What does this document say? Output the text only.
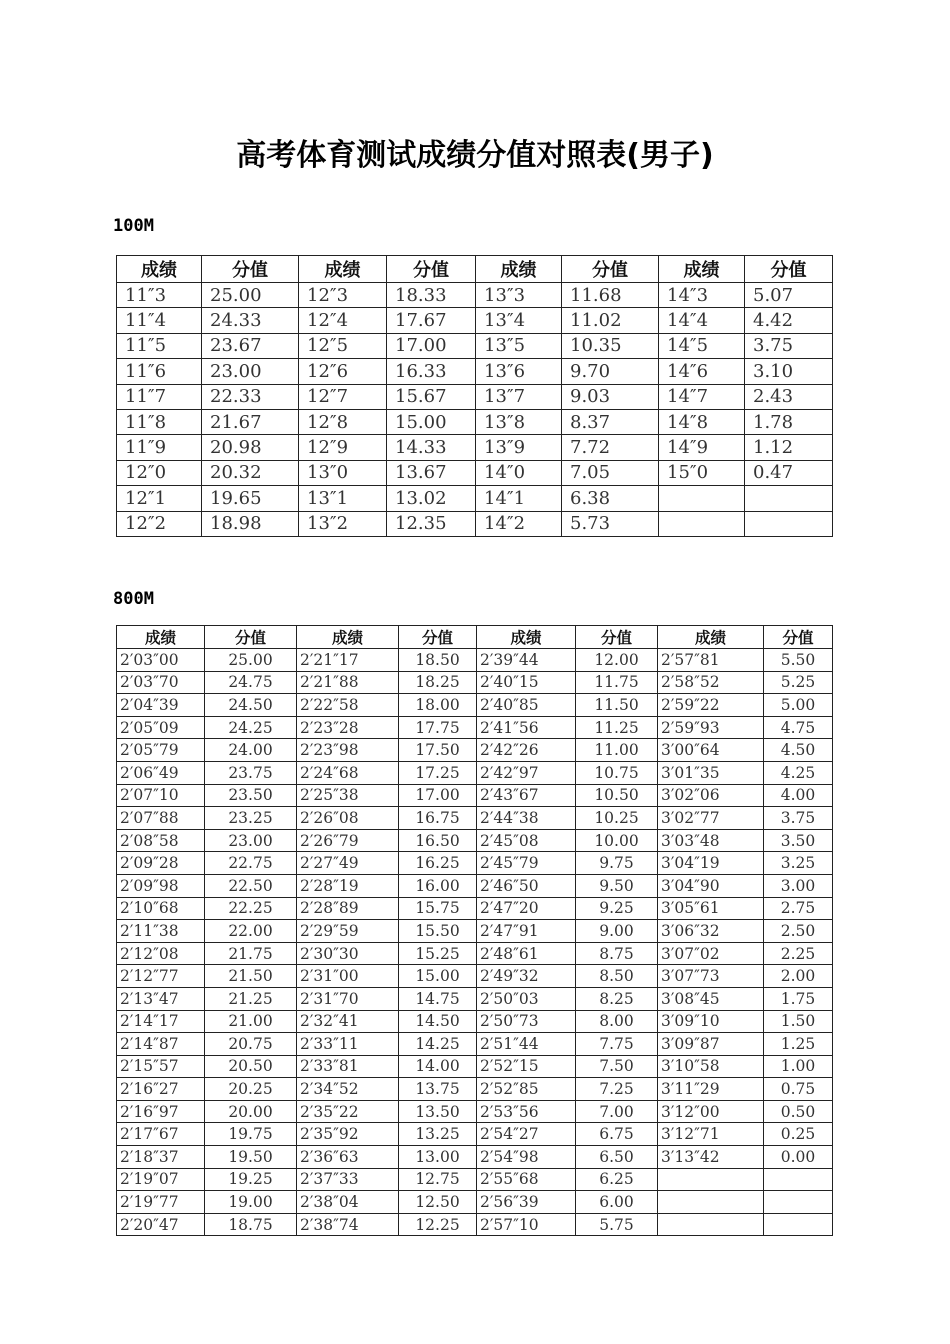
高考体育测试成绩分值对照表(男子)
100M
成绩	分值	成绩	分值	成绩	分值	成绩	分值
11″3	25.00	12″3	18.33	13″3	11.68	14″3	5.07
11″4	24.33	12″4	17.67	13″4	11.02	14″4	4.42
11″5	23.67	12″5	17.00	13″5	10.35	14″5	3.75
11″6	23.00	12″6	16.33	13″6	9.70	14″6	3.10
11″7	22.33	12″7	15.67	13″7	9.03	14″7	2.43
11″8	21.67	12″8	15.00	13″8	8.37	14″8	1.78
11″9	20.98	12″9	14.33	13″9	7.72	14″9	1.12
12″0	20.32	13″0	13.67	14″0	7.05	15″0	0.47
12″1	19.65	13″1	13.02	14″1	6.38		
12″2	18.98	13″2	12.35	14″2	5.73		
800M
成绩	分值	成绩	分值	成绩	分值	成绩	分值
2′03″00	25.00	2′21″17	18.50	2′39″44	12.00	2′57″81	5.50
2′03″70	24.75	2′21″88	18.25	2′40″15	11.75	2′58″52	5.25
2′04″39	24.50	2′22″58	18.00	2′40″85	11.50	2′59″22	5.00
2′05″09	24.25	2′23″28	17.75	2′41″56	11.25	2′59″93	4.75
2′05″79	24.00	2′23″98	17.50	2′42″26	11.00	3′00″64	4.50
2′06″49	23.75	2′24″68	17.25	2′42″97	10.75	3′01″35	4.25
2′07″10	23.50	2′25″38	17.00	2′43″67	10.50	3′02″06	4.00
2′07″88	23.25	2′26″08	16.75	2′44″38	10.25	3′02″77	3.75
2′08″58	23.00	2′26″79	16.50	2′45″08	10.00	3′03″48	3.50
2′09″28	22.75	2′27″49	16.25	2′45″79	9.75	3′04″19	3.25
2′09″98	22.50	2′28″19	16.00	2′46″50	9.50	3′04″90	3.00
2′10″68	22.25	2′28″89	15.75	2′47″20	9.25	3′05″61	2.75
2′11″38	22.00	2′29″59	15.50	2′47″91	9.00	3′06″32	2.50
2′12″08	21.75	2′30″30	15.25	2′48″61	8.75	3′07″02	2.25
2′12″77	21.50	2′31″00	15.00	2′49″32	8.50	3′07″73	2.00
2′13″47	21.25	2′31″70	14.75	2′50″03	8.25	3′08″45	1.75
2′14″17	21.00	2′32″41	14.50	2′50″73	8.00	3′09″10	1.50
2′14″87	20.75	2′33″11	14.25	2′51″44	7.75	3′09″87	1.25
2′15″57	20.50	2′33″81	14.00	2′52″15	7.50	3′10″58	1.00
2′16″27	20.25	2′34″52	13.75	2′52″85	7.25	3′11″29	0.75
2′16″97	20.00	2′35″22	13.50	2′53″56	7.00	3′12″00	0.50
2′17″67	19.75	2′35″92	13.25	2′54″27	6.75	3′12″71	0.25
2′18″37	19.50	2′36″63	13.00	2′54″98	6.50	3′13″42	0.00
2′19″07	19.25	2′37″33	12.75	2′55″68	6.25		
2′19″77	19.00	2′38″04	12.50	2′56″39	6.00		
2′20″47	18.75	2′38″74	12.25	2′57″10	5.75		
